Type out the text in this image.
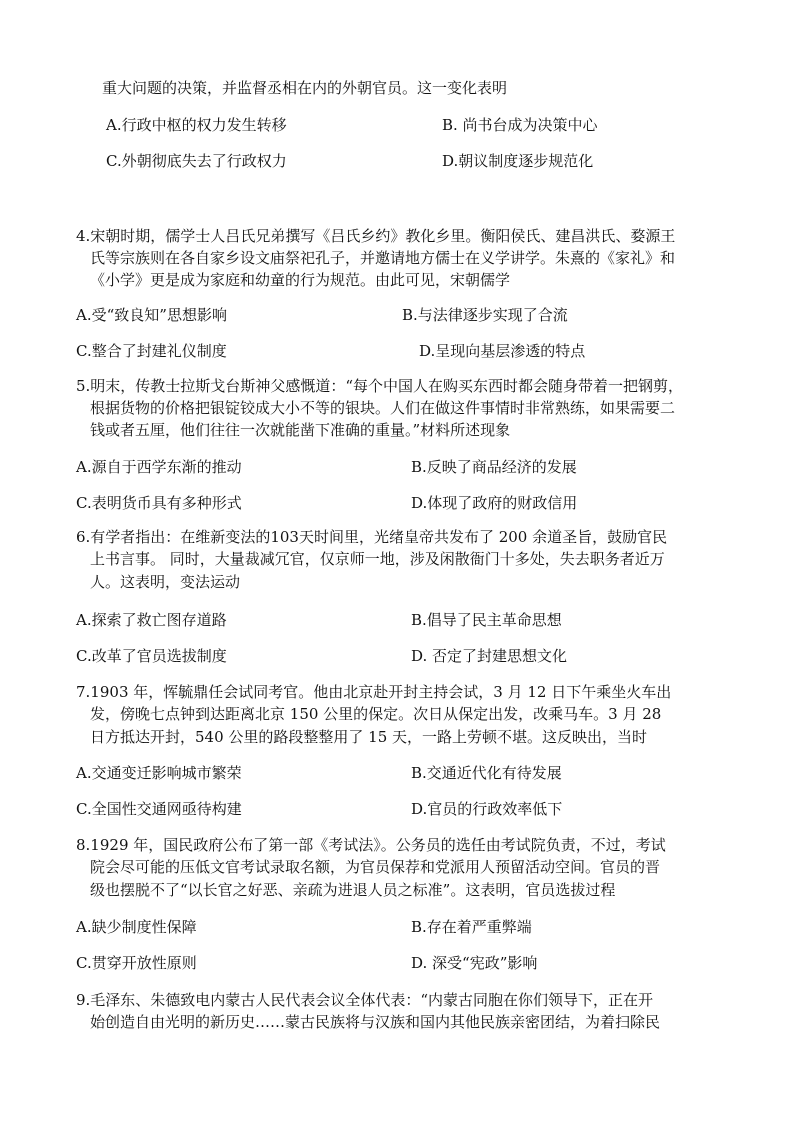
重大问题的决策，并监督丞相在内的外朝官员。这一变化表明
A.行政中枢的权力发生转移	B. 尚书台成为决策中心
C.外朝彻底失去了行政权力	D.朝议制度逐步规范化
4.宋朝时期，儒学士人吕氏兄弟撰写《吕氏乡约》教化乡里。衡阳侯氏、建昌洪氏、婺源王
氏等宗族则在各自家乡设文庙祭祀孔子，并邀请地方儒士在义学讲学。朱熹的《家礼》和
《小学》更是成为家庭和幼童的行为规范。由此可见，宋朝儒学
A.受“致良知”思想影响	B.与法律逐步实现了合流
C.整合了封建礼仪制度	D.呈现向基层渗透的特点
5.明末，传教士拉斯戈台斯神父感慨道：“每个中国人在购买东西时都会随身带着一把钢剪，
根据货物的价格把银锭铰成大小不等的银块。人们在做这件事情时非常熟练，如果需要二
钱或者五厘，他们往往一次就能凿下准确的重量。”材料所述现象
A.源自于西学东渐的推动	B.反映了商品经济的发展
C.表明货币具有多种形式	D.体现了政府的财政信用
6.有学者指出：在维新变法的103天时间里，光绪皇帝共发布了 200 余道圣旨，鼓励官民
上书言事。 同时，大量裁减冗官，仅京师一地，涉及闲散衙门十多处，失去职务者近万
人。这表明，变法运动
A.探索了救亡图存道路	B.倡导了民主革命思想
C.改革了官员选拔制度	D. 否定了封建思想文化
7.1903 年，恽毓鼎任会试同考官。他由北京赴开封主持会试，3 月 12 日下午乘坐火车出
发，傍晚七点钟到达距离北京 150 公里的保定。次日从保定出发，改乘马车。3 月 28
日方抵达开封，540 公里的路段整整用了 15 天，一路上劳顿不堪。这反映出，当时
A.交通变迁影响城市繁荣	B.交通近代化有待发展
C.全国性交通网亟待构建	D.官员的行政效率低下
8.1929 年，国民政府公布了第一部《考试法》。公务员的选任由考试院负责，不过，考试
院会尽可能的压低文官考试录取名额，为官员保荐和党派用人预留活动空间。官员的晋
级也摆脱不了“以长官之好恶、亲疏为进退人员之标准”。这表明，官员选拔过程
A.缺少制度性保障	B.存在着严重弊端
C.贯穿开放性原则	D. 深受“宪政”影响
9.毛泽东、朱德致电内蒙古人民代表会议全体代表：“内蒙古同胞在你们领导下，正在开
始创造自由光明的新历史……蒙古民族将与汉族和国内其他民族亲密团结，为着扫除民
